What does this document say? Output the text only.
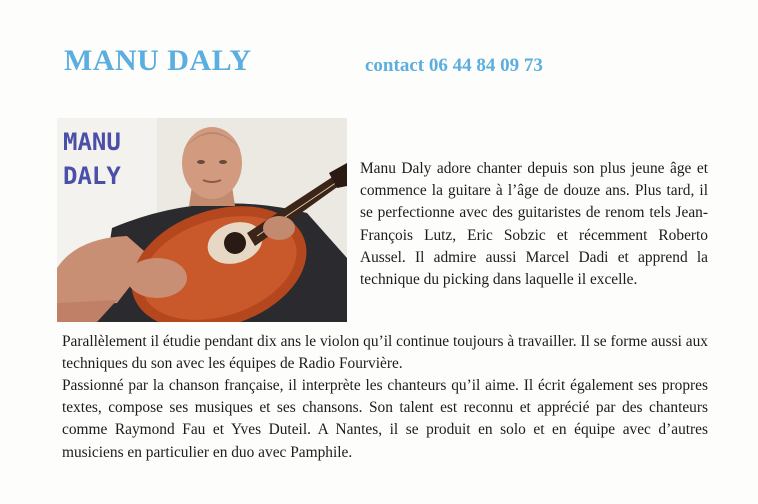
MANU DALY	contact 06 44 84 09 73
MANU
DALY	Manu Daly adore chanter depuis son plus jeune âge et commence la guitare à l’âge de douze ans. Plus tard, il se perfectionne avec des guitaristes de renom tels Jean-François Lutz, Eric Sobzic et récemment Roberto Aussel. Il admire aussi Marcel Dadi et apprend la technique du picking dans laquelle il excelle.

Parallèlement il étudie pendant dix ans le violon qu’il continue toujours à travailler. Il se forme aussi aux techniques du son avec les équipes de Radio Fourvière.

Passionné par la chanson française, il interprète les chanteurs qu’il aime. Il écrit également ses propres textes, compose ses musiques et ses chansons. Son talent est reconnu et apprécié par des chanteurs comme Raymond Fau et Yves Duteil. A Nantes, il se produit en solo et en équipe avec d’autres musiciens en particulier en duo avec Pamphile.
